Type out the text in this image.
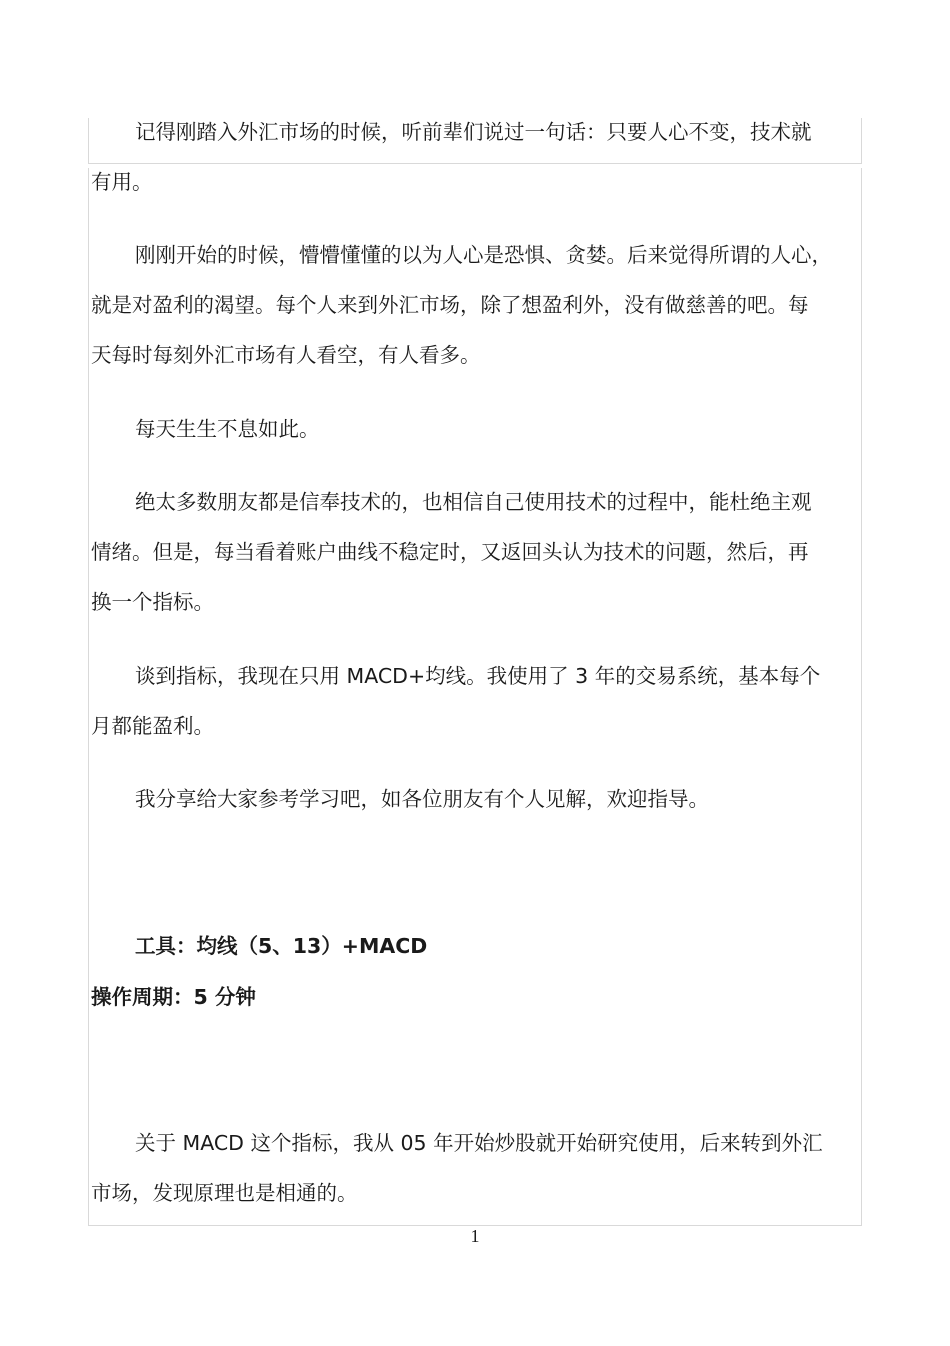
记得刚踏入外汇市场的时候，听前辈们说过一句话：只要人心不变，技术就
有用。
刚刚开始的时候，懵懵懂懂的以为人心是恐惧、贪婪。后来觉得所谓的人心，
就是对盈利的渴望。每个人来到外汇市场，除了想盈利外，没有做慈善的吧。每
天每时每刻外汇市场有人看空，有人看多。
每天生生不息如此。
绝太多数朋友都是信奉技术的，也相信自己使用技术的过程中，能杜绝主观
情绪。但是，每当看着账户曲线不稳定时，又返回头认为技术的问题，然后，再
换一个指标。
谈到指标，我现在只用 MACD+均线。我使用了 3 年的交易系统，基本每个
月都能盈利。
我分享给大家参考学习吧，如各位朋友有个人见解，欢迎指导。
工具：均线（5、13）+MACD
操作周期：5 分钟
关于 MACD 这个指标，我从 05 年开始炒股就开始研究使用，后来转到外汇
市场，发现原理也是相通的。
1
